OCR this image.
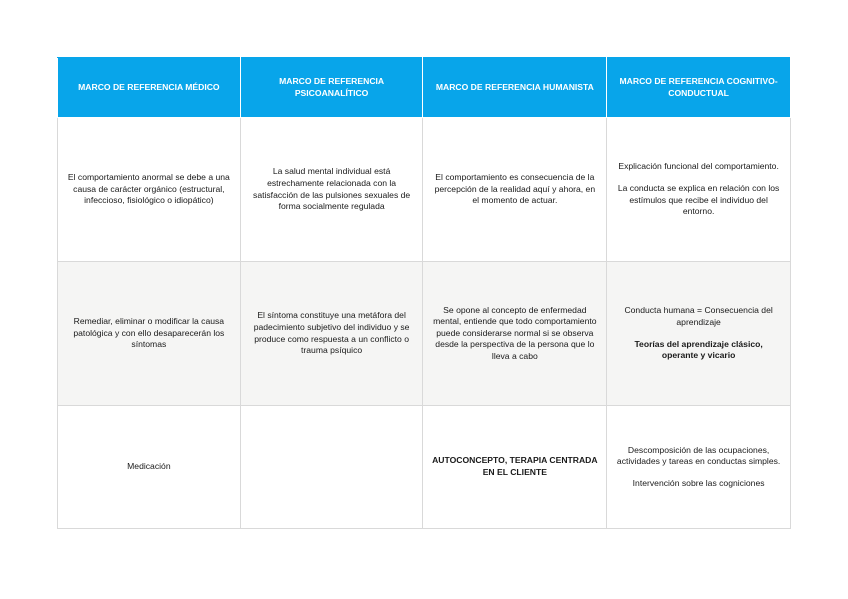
MARCO DE REFERENCIA MÉDICO	MARCO DE REFERENCIA PSICOANALÍTICO	MARCO DE REFERENCIA HUMANISTA	MARCO DE REFERENCIA COGNITIVO-CONDUCTUAL

El comportamiento anormal se debe a una causa de carácter orgánico (estructural, infeccioso, fisiológico o idiopático)	La salud mental individual está estrechamente relacionada con la satisfacción de las pulsiones sexuales de forma socialmente regulada	El comportamiento es consecuencia de la percepción de la realidad aquí y ahora, en el momento de actuar.	Explicación funcional del comportamiento.
La conducta se explica en relación con los estímulos que recibe el individuo del entorno.

Remediar, eliminar o modificar la causa patológica y con ello desaparecerán los síntomas	El síntoma constituye una metáfora del padecimiento subjetivo del individuo y se produce como respuesta a un conflicto o trauma psíquico	Se opone al concepto de enfermedad mental, entiende que todo comportamiento puede considerarse normal si se observa desde la perspectiva de la persona que lo lleva a cabo	Conducta humana = Consecuencia del aprendizaje
Teorías del aprendizaje clásico, operante y vicario

Medicación		AUTOCONCEPTO, TERAPIA CENTRADA EN EL CLIENTE	Descomposición de las ocupaciones, actividades y tareas en conductas simples.
Intervención sobre las cogniciones
